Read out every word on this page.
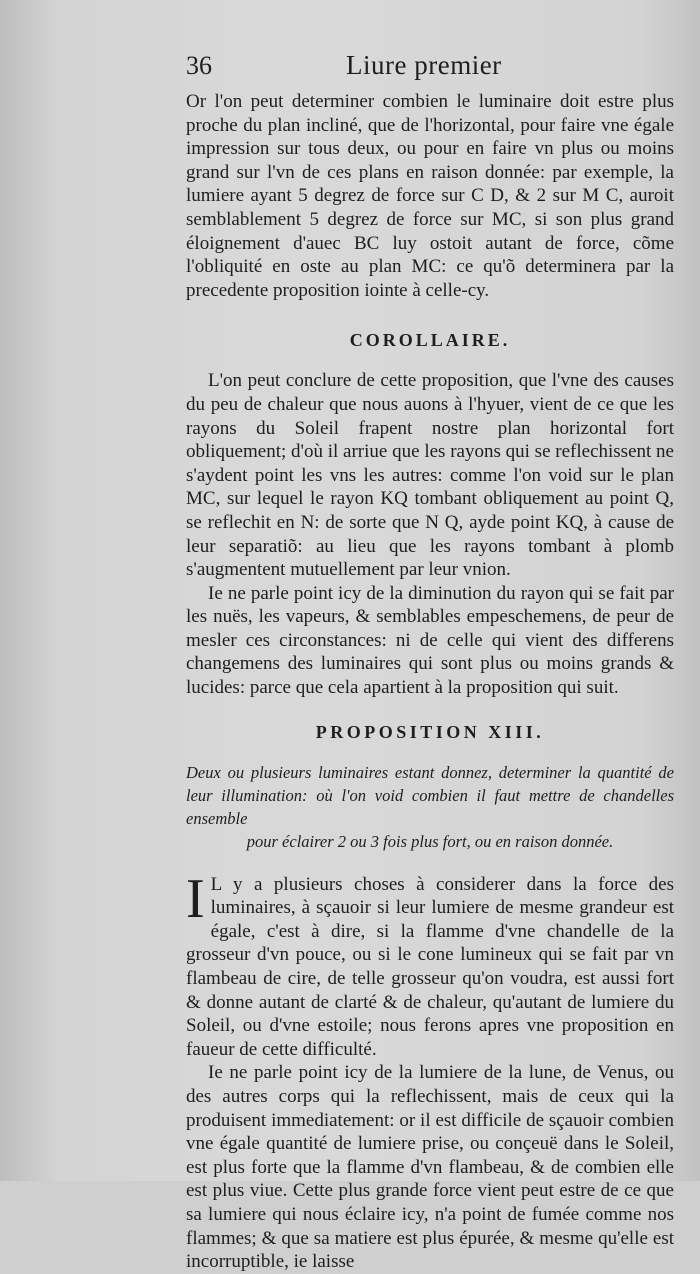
36	Liure premier

Or l'on peut determiner combien le luminaire doit estre plus proche du plan incliné, que de l'horizontal, pour faire vne égale impression sur tous deux, ou pour en faire vn plus ou moins grand sur l'vn de ces plans en raison donnée: par exemple, la lumiere ayant 5 degrez de force sur C D, & 2 sur M C, auroit semblablement 5 degrez de force sur MC, si son plus grand éloignement d'auec BC luy ostoit autant de force, cõme l'obliquité en oste au plan MC: ce qu'õ determinera par la precedente proposition iointe à celle-cy.

COROLLAIRE.

L'on peut conclure de cette proposition, que l'vne des causes du peu de chaleur que nous auons à l'hyuer, vient de ce que les rayons du Soleil frapent nostre plan horizontal fort obliquement; d'où il arriue que les rayons qui se reflechissent ne s'aydent point les vns les autres: comme l'on void sur le plan MC, sur lequel le rayon KQ tombant obliquement au point Q, se reflechit en N: de sorte que N Q, ayde point KQ, à cause de leur separatiõ: au lieu que les rayons tombant à plomb s'augmentent mutuellement par leur vnion.

Ie ne parle point icy de la diminution du rayon qui se fait par les nuës, les vapeurs, & semblables empeschemens, de peur de mesler ces circonstances: ni de celle qui vient des differens changemens des luminaires qui sont plus ou moins grands & lucides: parce que cela apartient à la proposition qui suit.

PROPOSITION XIII.

Deux ou plusieurs luminaires estant donnez, determiner la quantité de leur illumination: où l'on void combien il faut mettre de chandelles ensemble

pour éclairer 2 ou 3 fois plus fort, ou en raison donnée.

I L y a plusieurs choses à considerer dans la force des luminaires, à sçauoir si leur lumiere de mesme grandeur est égale, c'est à dire, si la flamme d'vne chandelle de la grosseur d'vn pouce, ou si le cone lumineux qui se fait par vn flambeau de cire, de telle grosseur qu'on voudra, est aussi fort & donne autant de clarté & de chaleur, qu'autant de lumiere du Soleil, ou d'vne estoile; nous ferons apres vne proposition en faueur de cette difficulté.

Ie ne parle point icy de la lumiere de la lune, de Venus, ou des autres corps qui la reflechissent, mais de ceux qui la produisent immediatement: or il est difficile de sçauoir combien vne égale quantité de lumiere prise, ou conçeuë dans le Soleil, est plus forte que la flamme d'vn flambeau, & de combien elle est plus viue. Cette plus grande force vient peut estre de ce que sa lumiere qui nous éclaire icy, n'a point de fumée comme nos flammes; & que sa matiere est plus épurée, & mesme qu'elle est incorruptible, ie laisse
